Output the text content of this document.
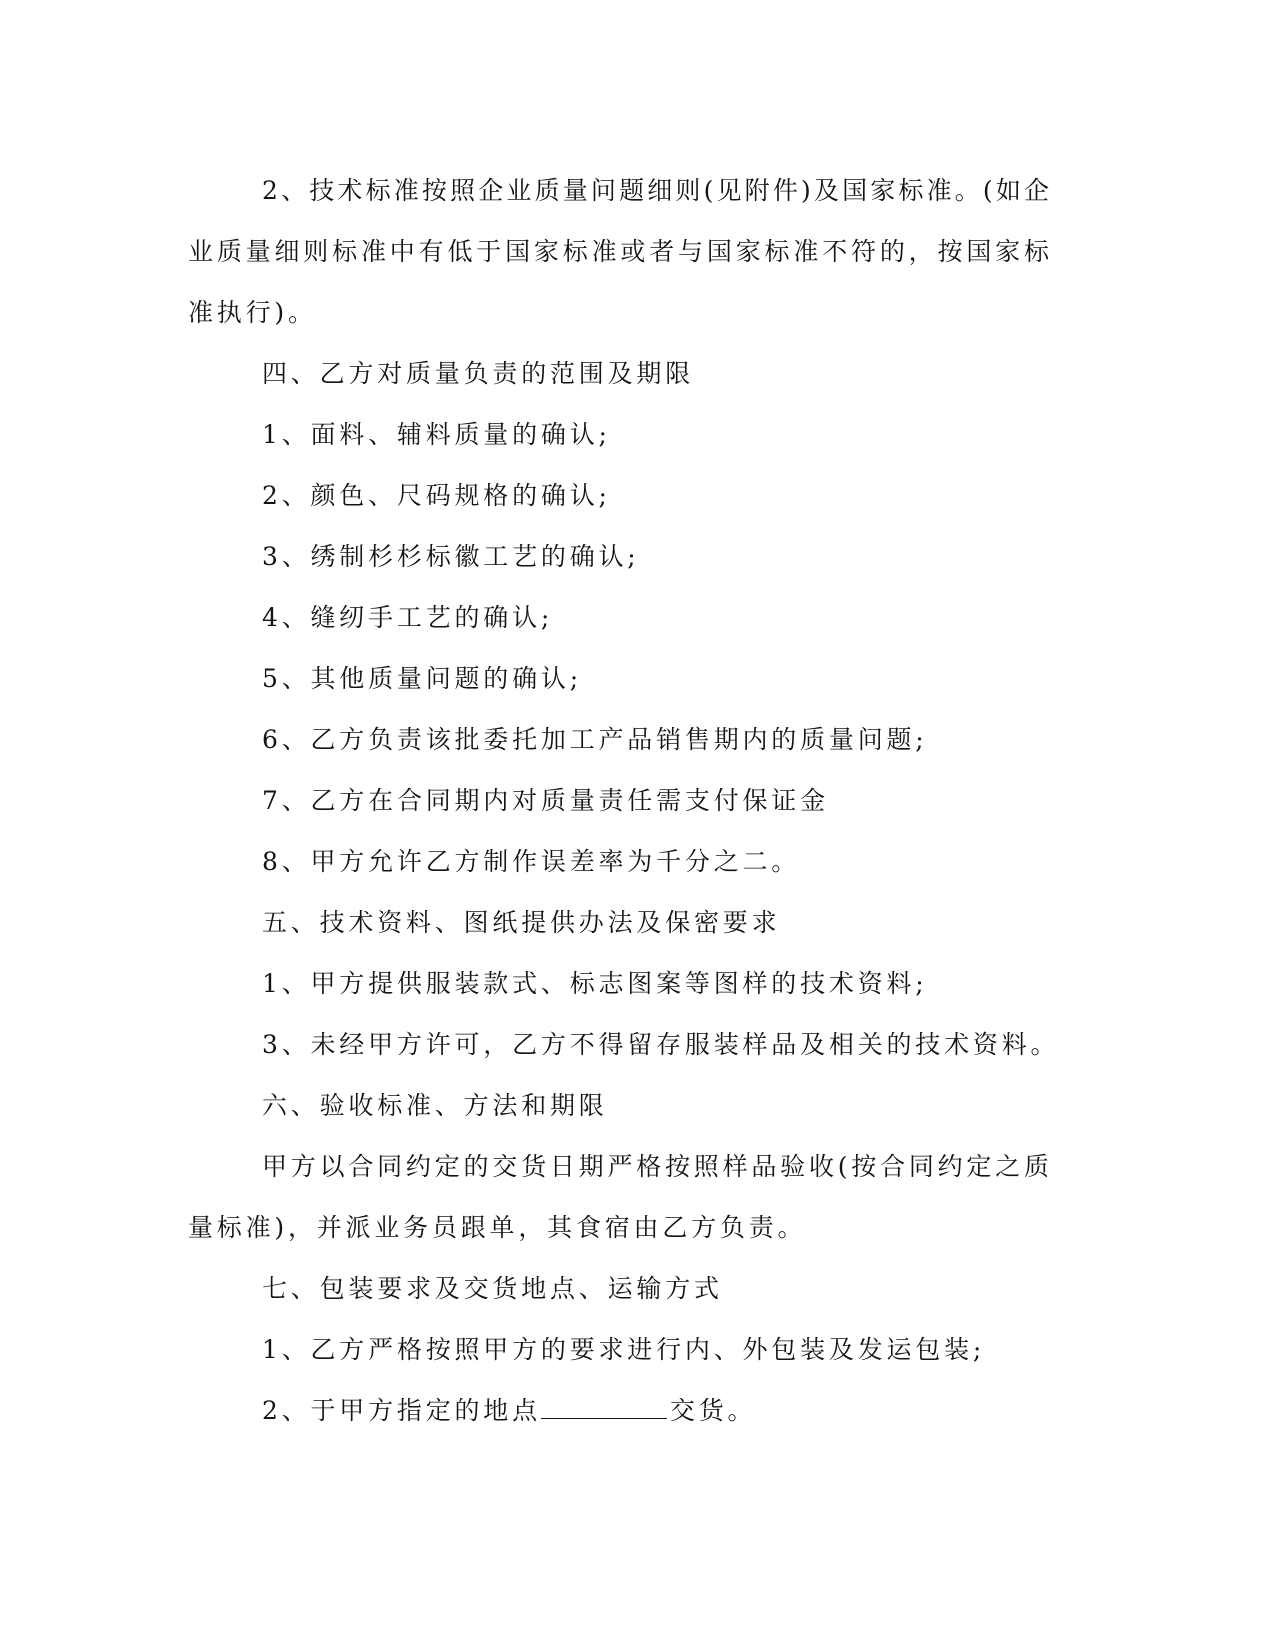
2、技术标准按照企业质量问题细则(见附件)及国家标准。(如企
业质量细则标准中有低于国家标准或者与国家标准不符的，按国家标
准执行)。
四、乙方对质量负责的范围及期限
1、面料、辅料质量的确认;
2、颜色、尺码规格的确认;
3、绣制杉杉标徽工艺的确认;
4、缝纫手工艺的确认;
5、其他质量问题的确认;
6、乙方负责该批委托加工产品销售期内的质量问题;
7、乙方在合同期内对质量责任需支付保证金
8、甲方允许乙方制作误差率为千分之二。
五、技术资料、图纸提供办法及保密要求
1、甲方提供服装款式、标志图案等图样的技术资料;
3、未经甲方许可，乙方不得留存服装样品及相关的技术资料。
六、验收标准、方法和期限
甲方以合同约定的交货日期严格按照样品验收(按合同约定之质
量标准)，并派业务员跟单，其食宿由乙方负责。
七、包装要求及交货地点、运输方式
1、乙方严格按照甲方的要求进行内、外包装及发运包装;
2、于甲方指定的地点	交货。
